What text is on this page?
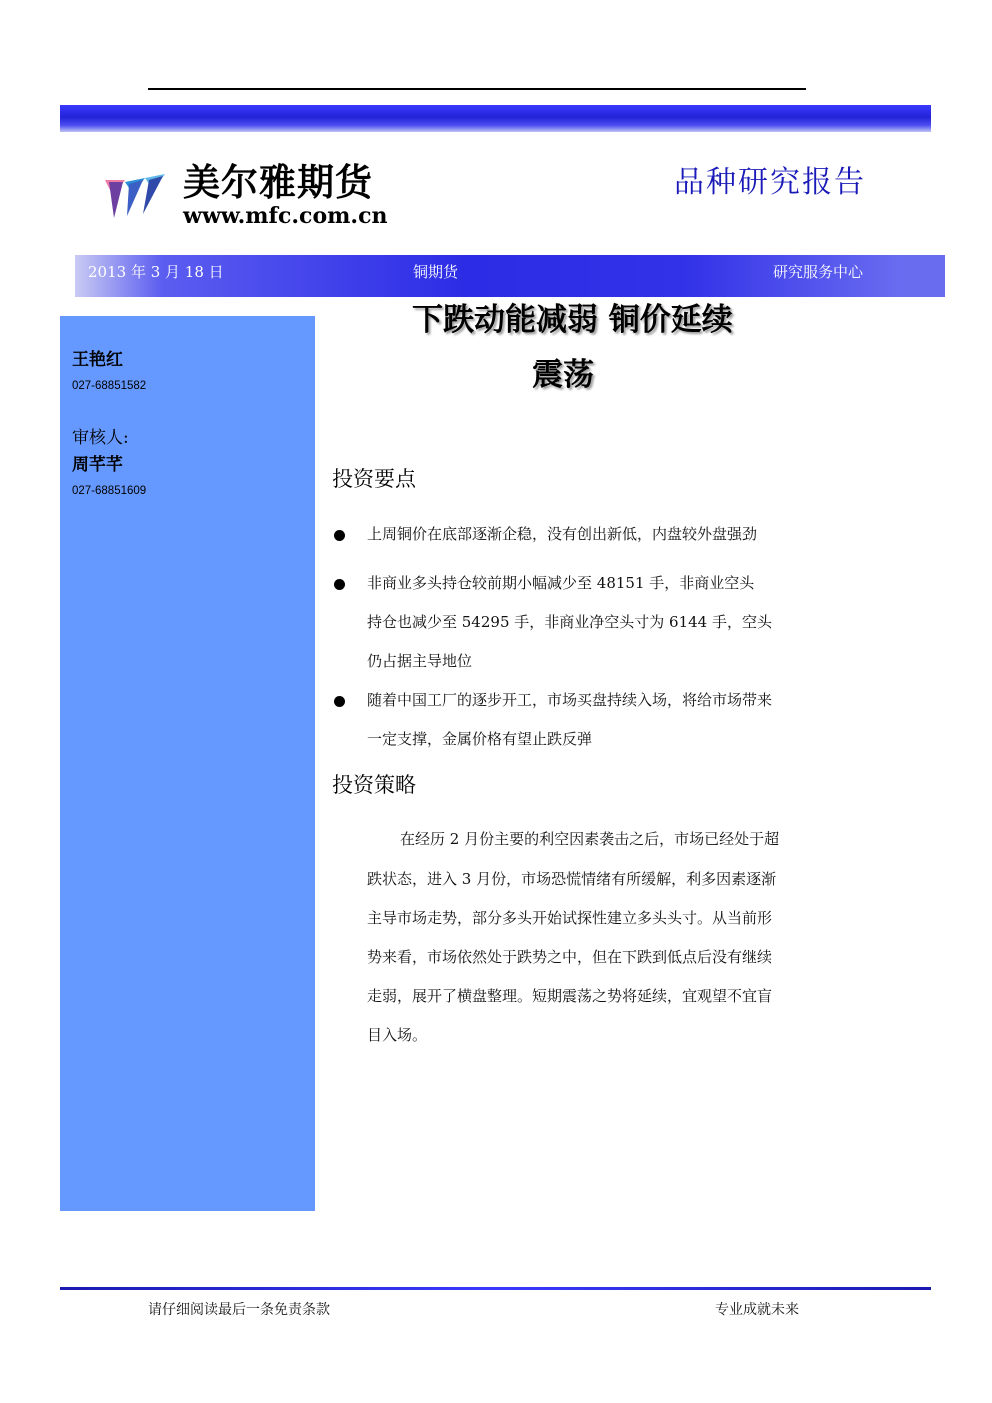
美尔雅期货
www.mfc.com.cn
品种研究报告
2013 年 3 月 18 日	铜期货	研究服务中心
王艳红
027-68851582
审核人:
周芊芊
027-68851609
下跌动能减弱 铜价延续
震荡
投资要点
上周铜价在底部逐渐企稳，没有创出新低，内盘较外盘强劲
非商业多头持仓较前期小幅减少至 48151 手，非商业空头
持仓也减少至 54295 手，非商业净空头寸为 6144 手，空头
仍占据主导地位
随着中国工厂的逐步开工，市场买盘持续入场，将给市场带来
一定支撑，金属价格有望止跌反弹
投资策略
在经历 2 月份主要的利空因素袭击之后，市场已经处于超
跌状态，进入 3 月份，市场恐慌情绪有所缓解，利多因素逐渐
主导市场走势，部分多头开始试探性建立多头头寸。从当前形
势来看，市场依然处于跌势之中，但在下跌到低点后没有继续
走弱，展开了横盘整理。短期震荡之势将延续，宜观望不宜盲
目入场。
请仔细阅读最后一条免责条款	专业成就未来
